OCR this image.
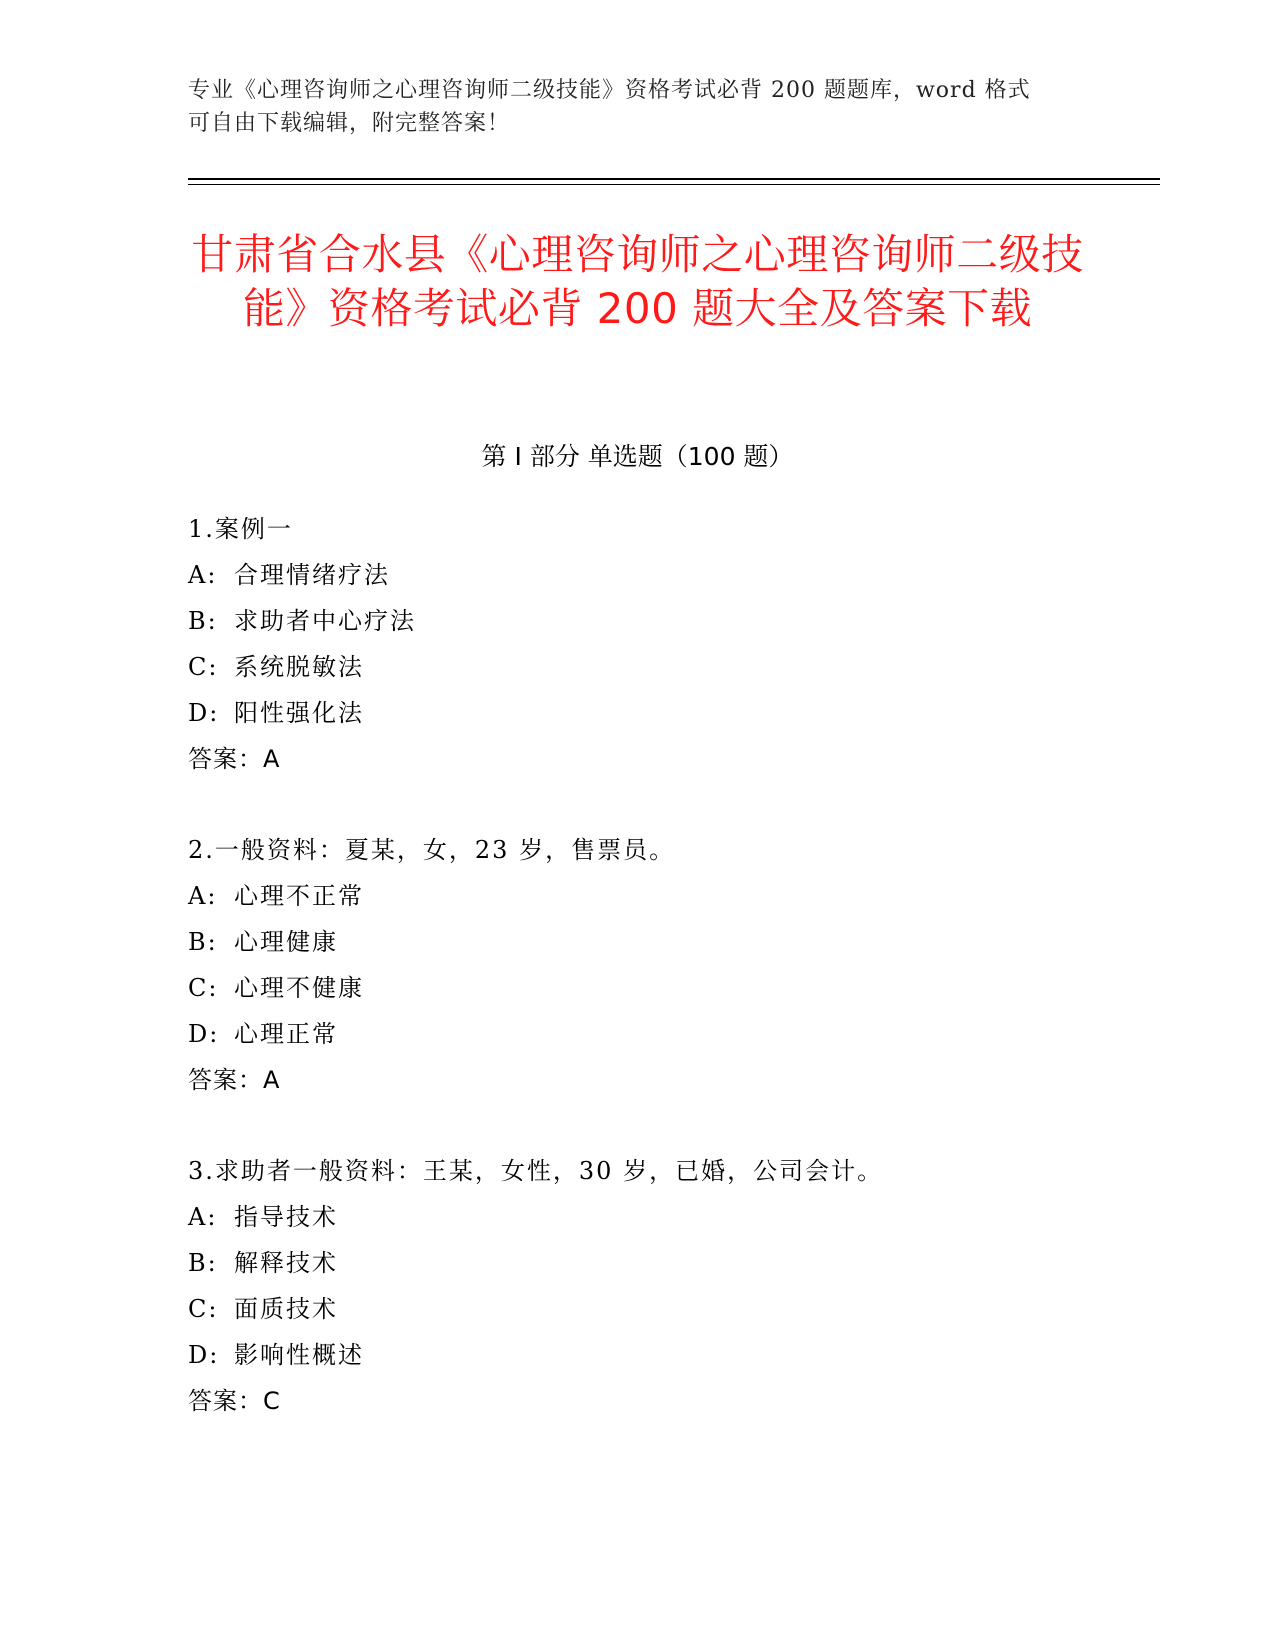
专业《心理咨询师之心理咨询师二级技能》资格考试必背 200 题题库，word 格式
可自由下载编辑，附完整答案！
甘肃省合水县《心理咨询师之心理咨询师二级技能》资格考试必背 200 题大全及答案下载
第 I 部分 单选题（100 题）
1.案例一
A: 合理情绪疗法
B: 求助者中心疗法
C: 系统脱敏法
D: 阳性强化法
答案：A
2.一般资料：夏某，女，23 岁，售票员。
A: 心理不正常
B: 心理健康
C: 心理不健康
D: 心理正常
答案：A
3.求助者一般资料：王某，女性，30 岁，已婚，公司会计。
A: 指导技术
B: 解释技术
C: 面质技术
D: 影响性概述
答案：C
